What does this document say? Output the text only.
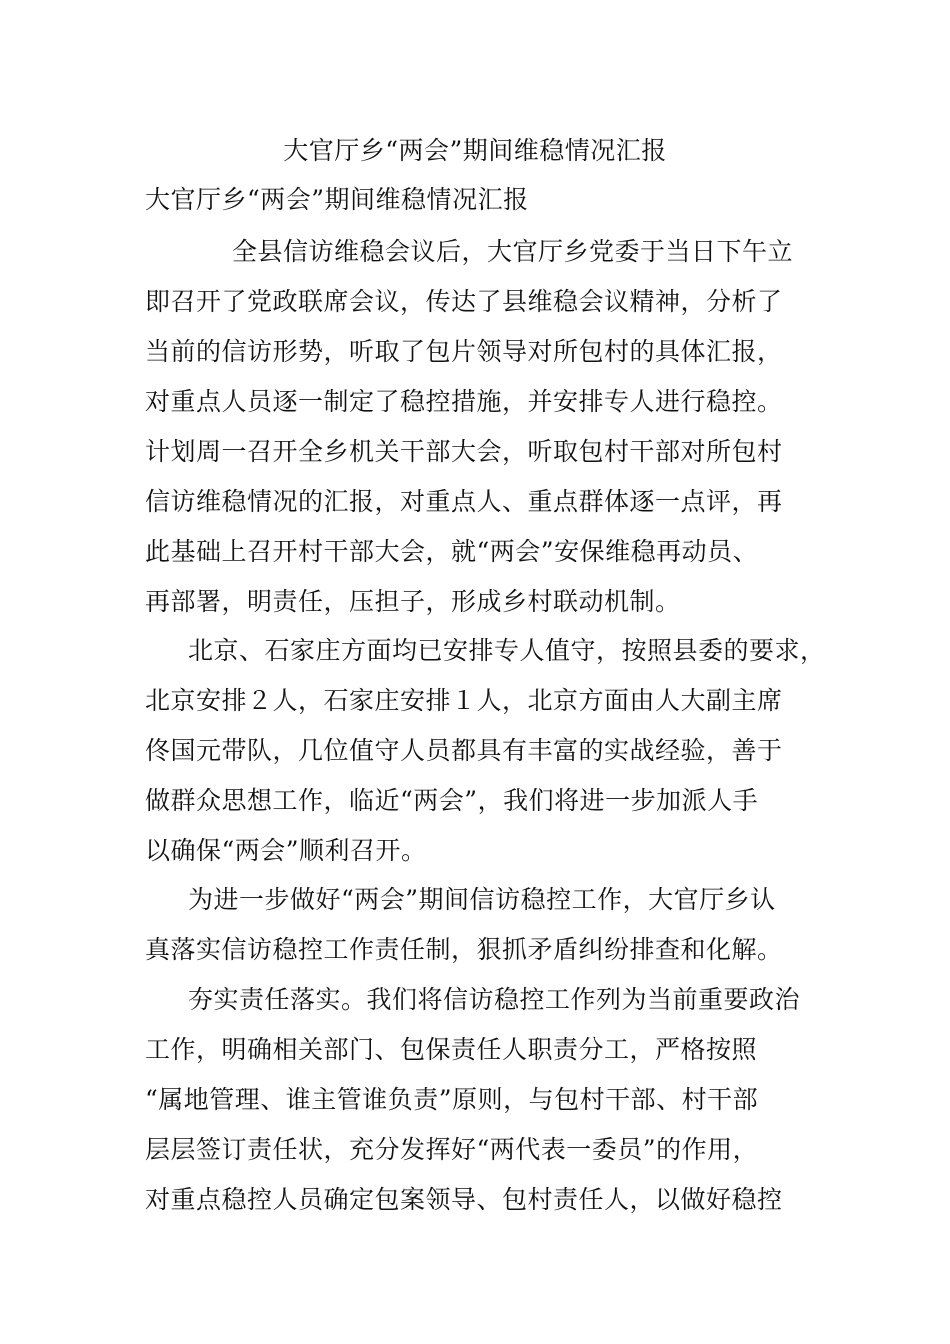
大官厅乡“两会”期间维稳情况汇报
大官厅乡“两会”期间维稳情况汇报
全县信访维稳会议后，大官厅乡党委于当日下午立
即召开了党政联席会议，传达了县维稳会议精神，分析了
当前的信访形势，听取了包片领导对所包村的具体汇报，
对重点人员逐一制定了稳控措施，并安排专人进行稳控。
计划周一召开全乡机关干部大会，听取包村干部对所包村
信访维稳情况的汇报，对重点人、重点群体逐一点评，再
此基础上召开村干部大会，就“两会”安保维稳再动员、
再部署，明责任，压担子，形成乡村联动机制。
北京、石家庄方面均已安排专人值守，按照县委的要求，
北京安排２人，石家庄安排１人，北京方面由人大副主席
佟国元带队，几位值守人员都具有丰富的实战经验，善于
做群众思想工作，临近“两会”，我们将进一步加派人手
以确保“两会”顺利召开。
为进一步做好“两会”期间信访稳控工作，大官厅乡认
真落实信访稳控工作责任制，狠抓矛盾纠纷排查和化解。
夯实责任落实。我们将信访稳控工作列为当前重要政治
工作，明确相关部门、包保责任人职责分工，严格按照
“属地管理、谁主管谁负责”原则，与包村干部、村干部
层层签订责任状，充分发挥好“两代表一委员”的作用，
对重点稳控人员确定包案领导、包村责任人，以做好稳控
